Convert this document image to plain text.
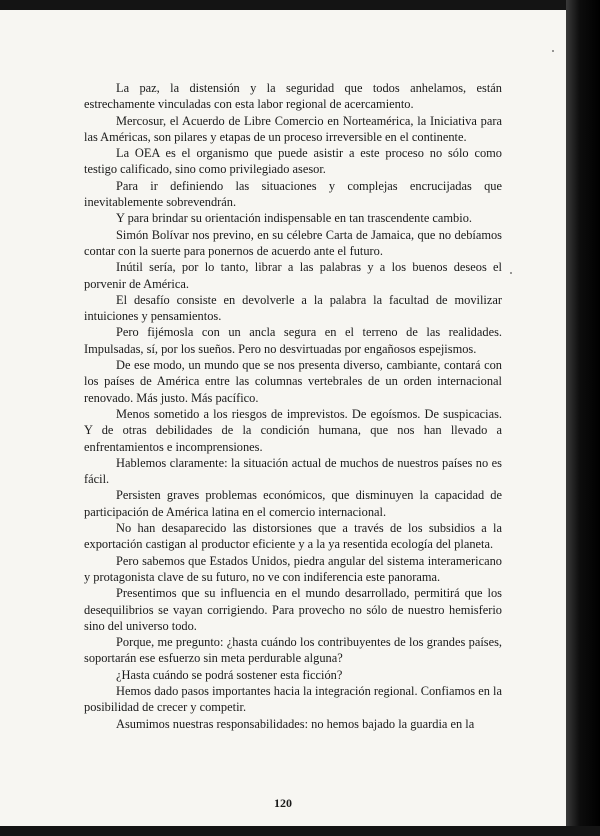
La paz, la distensión y la seguridad que todos anhelamos, están estrechamente vinculadas con esta labor regional de acercamiento.

Mercosur, el Acuerdo de Libre Comercio en Norteamérica, la Iniciativa para las Américas, son pilares y etapas de un proceso irreversible en el continente.

La OEA es el organismo que puede asistir a este proceso no sólo como testigo calificado, sino como privilegiado asesor.

Para ir definiendo las situaciones y complejas encrucijadas que inevitablemente sobrevendrán.

Y para brindar su orientación indispensable en tan trascendente cambio.

Simón Bolívar nos previno, en su célebre Carta de Jamaica, que no debíamos contar con la suerte para ponernos de acuerdo ante el futuro.

Inútil sería, por lo tanto, librar a las palabras y a los buenos deseos el porvenir de América.

El desafío consiste en devolverle a la palabra la facultad de movilizar intuiciones y pensamientos.

Pero fijémosla con un ancla segura en el terreno de las realidades. Impulsadas, sí, por los sueños. Pero no desvirtuadas por engañosos espejismos.

De ese modo, un mundo que se nos presenta diverso, cambiante, contará con los países de América entre las columnas vertebrales de un orden internacional renovado. Más justo. Más pacífico.

Menos sometido a los riesgos de imprevistos. De egoísmos. De suspicacias. Y de otras debilidades de la condición humana, que nos han llevado a enfrentamientos e incomprensiones.

Hablemos claramente: la situación actual de muchos de nuestros países no es fácil.

Persisten graves problemas económicos, que disminuyen la capacidad de participación de América latina en el comercio internacional.

No han desaparecido las distorsiones que a través de los subsidios a la exportación castigan al productor eficiente y a la ya resentida ecología del planeta.

Pero sabemos que Estados Unidos, piedra angular del sistema interamericano y protagonista clave de su futuro, no ve con indiferencia este panorama.

Presentimos que su influencia en el mundo desarrollado, permitirá que los desequilibrios se vayan corrigiendo. Para provecho no sólo de nuestro hemisferio sino del universo todo.

Porque, me pregunto: ¿hasta cuándo los contribuyentes de los grandes países, soportarán ese esfuerzo sin meta perdurable alguna?

¿Hasta cuándo se podrá sostener esta ficción?

Hemos dado pasos importantes hacia la integración regional. Confiamos en la posibilidad de crecer y competir.

Asumimos nuestras responsabilidades: no hemos bajado la guardia en la

120
